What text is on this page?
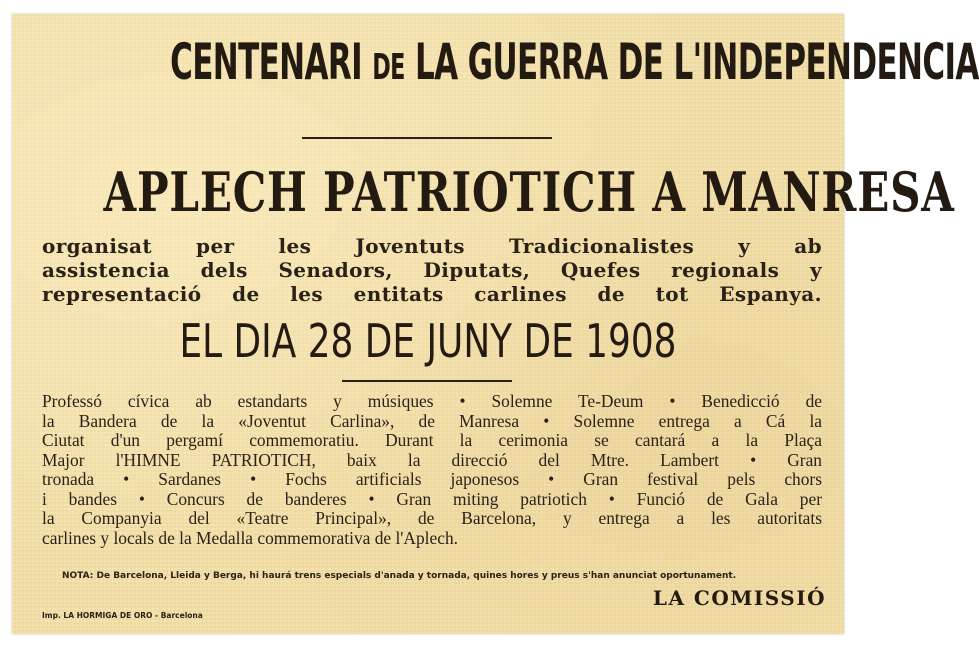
CENTENARI DE LA GUERRA DE L'INDEPENDENCIA
APLECH PATRIOTICH A MANRESA

organisat per les Joventuts Tradicionalistes y ab
assistencia dels Senadors, Diputats, Quefes regionals y
representació de les entitats carlines de tot Espanya.

EL DIA 28 DE JUNY DE 1908

Professó cívica ab estandarts y músiques • Solemne Te-Deum • Benedicció de
la Bandera de la «Joventut Carlina», de Manresa • Solemne entrega a Cá la
Ciutat d'un pergamí commemoratiu. Durant la cerimonia se cantará a la Plaça
Major l'HIMNE PATRIOTICH, baix la direcció del Mtre. Lambert • Gran
tronada • Sardanes • Fochs artificials japonesos • Gran festival pels chors
i bandes • Concurs de banderes • Gran miting patriotich • Funció de Gala per
la Companyia del «Teatre Principal», de Barcelona, y entrega a les autoritats
carlines y locals de la Medalla commemorativa de l'Aplech.

NOTA: De Barcelona, Lleida y Berga, hi haurá trens especials d'anada y tornada, quines hores y preus s'han anunciat oportunament.
Imp. LA HORMIGA DE ORO - Barcelona
LA COMISSIÓ
